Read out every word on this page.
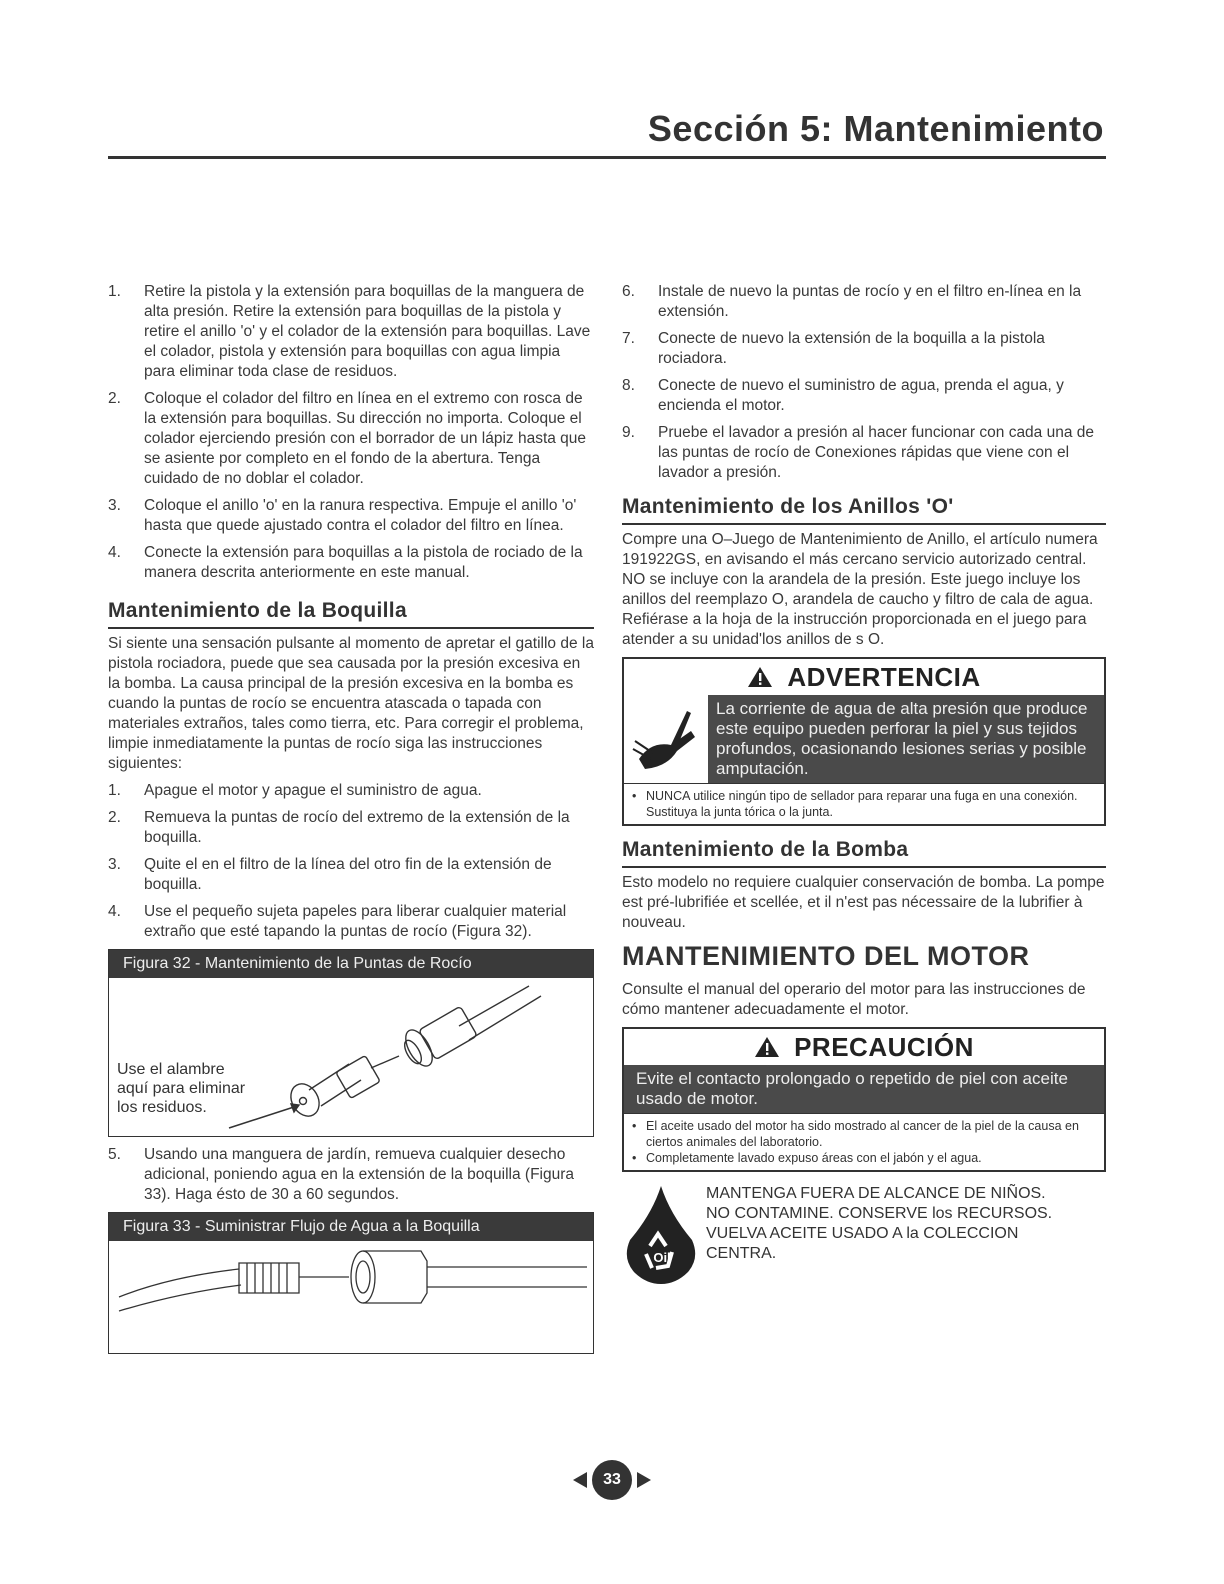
Sección 5: Mantenimiento
1.	Retire la pistola y la extensión para boquillas de la manguera de alta presión. Retire la extensión para boquillas de la pistola y retire el anillo 'o' y el colador de la extensión para boquillas. Lave el colador, pistola y extensión para boquillas con agua limpia para eliminar toda clase de residuos.
2.	Coloque el colador del filtro en línea en el extremo con rosca de la extensión para boquillas. Su dirección no importa. Coloque el colador ejerciendo presión con el borrador de un lápiz hasta que se asiente por completo en el fondo de la abertura. Tenga cuidado de no doblar el colador.
3.	Coloque el anillo 'o' en la ranura respectiva. Empuje el anillo 'o' hasta que quede ajustado contra el colador del filtro en línea.
4.	Conecte la extensión para boquillas a la pistola de rociado de la manera descrita anteriormente en este manual.
Mantenimiento de la Boquilla

Si siente una sensación pulsante al momento de apretar el gatillo de la pistola rociadora, puede que sea causada por la presión excesiva en la bomba. La causa principal de la presión excesiva en la bomba es cuando la puntas de rocío se encuentra atascada o tapada con materiales extraños, tales como tierra, etc. Para corregir el problema, limpie inmediatamente la puntas de rocío siga las instrucciones siguientes:

1.	Apague el motor y apague el suministro de agua.
2.	Remueva la puntas de rocío del extremo de la extensión de la boquilla.
3.	Quite el en el filtro de la línea del otro fin de la extensión de boquilla.
4.	Use el pequeño sujeta papeles para liberar cualquier material extraño que esté tapando la puntas de rocío (Figura 32).
Figura 32 - Mantenimiento de la Puntas de Rocío
Use el alambre
aquí para eliminar
los residuos.
5.	Usando una manguera de jardín, remueva cualquier desecho adicional, poniendo agua en la extensión de la boquilla (Figura 33). Haga ésto de 30 a 60 segundos.
Figura 33 - Suministrar Flujo de Agua a la Boquilla
6.	Instale de nuevo la puntas de rocío y en el filtro en-línea en la extensión.
7.	Conecte de nuevo la extensión de la boquilla a la pistola rociadora.
8.	Conecte de nuevo el suministro de agua, prenda el agua, y encienda el motor.
9.	Pruebe el lavador a presión al hacer funcionar con cada una de las puntas de rocío de Conexiones rápidas que viene con el lavador a presión.
Mantenimiento de los Anillos 'O'

Compre una O–Juego de Mantenimiento de Anillo, el artículo numera 191922GS, en avisando el más cercano servicio autorizado central. NO se incluye con la arandela de la presión. Este juego incluye los anillos del reemplazo O, arandela de caucho y filtro de cala de agua. Refiérase a la hoja de la instrucción proporcionada en el juego para atender a su unidad'los anillos de s O.

ADVERTENCIA
La corriente de agua de alta presión que produce este equipo pueden perforar la piel y sus tejidos profundos, ocasionando lesiones serias y posible amputación.
• NUNCA utilice ningún tipo de sellador para reparar una fuga en una conexión. Sustituya la junta tórica o la junta.
Mantenimiento de la Bomba

Esto modelo no requiere cualquier conservación de bomba. La pompe est pré-lubrifiée et scellée, et il n'est pas nécessaire de la lubrifier à nouveau.

MANTENIMIENTO DEL MOTOR

Consulte el manual del operario del motor para las instrucciones de cómo mantener adecuadamente el motor.

PRECAUCIÓN
Evite el contacto prolongado o repetido de piel con aceite usado de motor.
• El aceite usado del motor ha sido mostrado al cancer de la piel de la causa en ciertos animales del laboratorio.
• Completamente lavado expuso áreas con el jabón y el agua.
Oil
MANTENGA FUERA DE ALCANCE DE NIÑOS.
NO CONTAMINE. CONSERVE los RECURSOS.
VUELVA ACEITE USADO A la COLECCION
CENTRA.
33
